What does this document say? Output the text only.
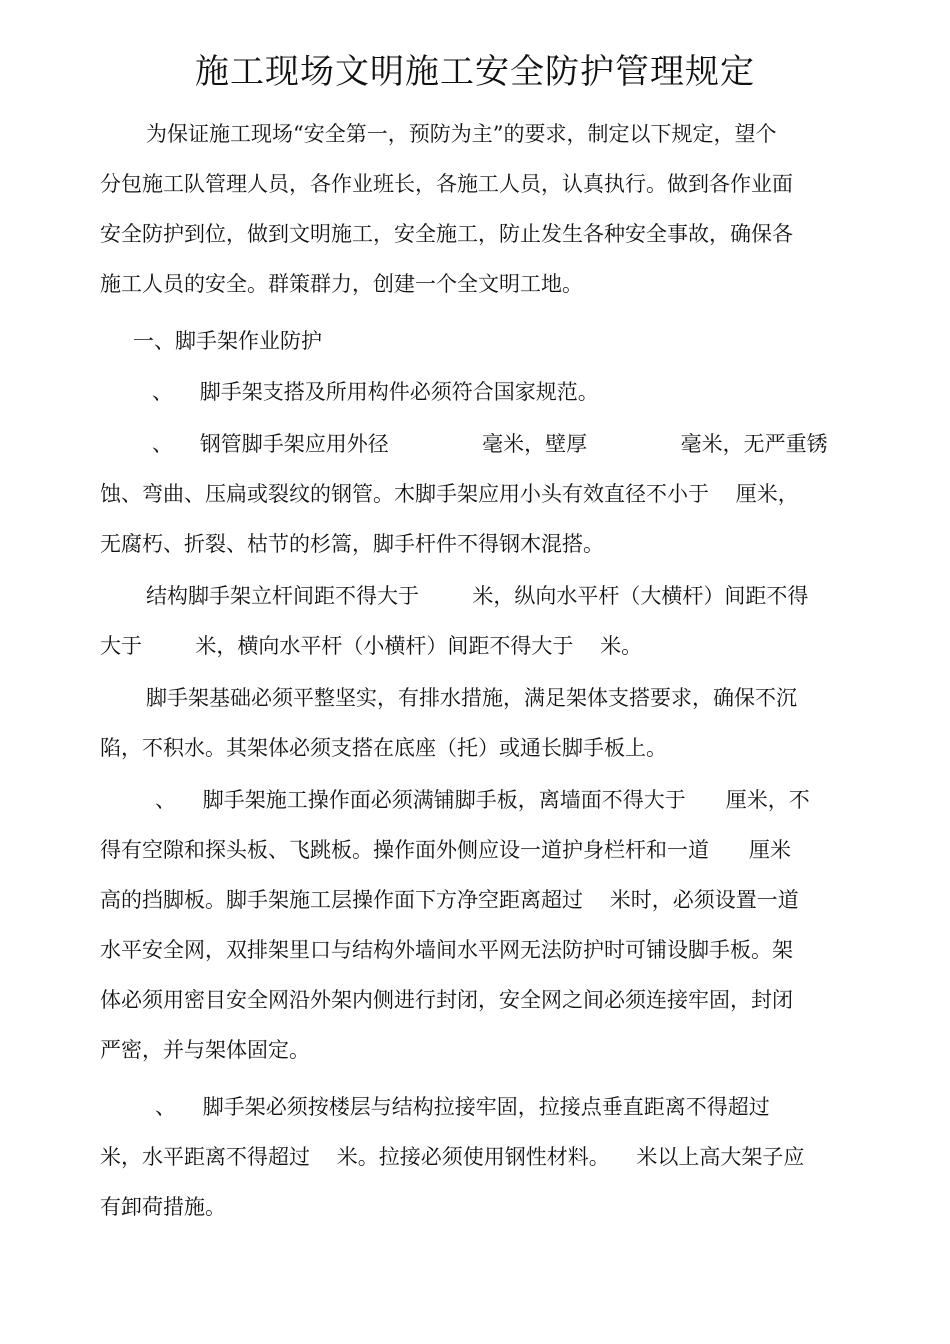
施工现场文明施工安全防护管理规定
为保证施工现场“安全第一，预防为主”的要求，制定以下规定，望个
分包施工队管理人员，各作业班长，各施工人员，认真执行。做到各作业面
安全防护到位，做到文明施工，安全施工，防止发生各种安全事故，确保各
施工人员的安全。群策群力，创建一个全文明工地。
一、脚手架作业防护
、    脚手架支搭及所用构件必须符合国家规范。
、    钢管脚手架应用外径              毫米，壁厚              毫米，无严重锈
蚀、弯曲、压扁或裂纹的钢管。木脚手架应用小头有效直径不小于    厘米，
无腐朽、折裂、枯节的杉篙，脚手杆件不得钢木混搭。
结构脚手架立杆间距不得大于        米，纵向水平杆（大横杆）间距不得
大于        米，横向水平杆（小横杆）间距不得大于    米。
脚手架基础必须平整坚实，有排水措施，满足架体支搭要求，确保不沉
陷，不积水。其架体必须支搭在底座（托）或通长脚手板上。
、    脚手架施工操作面必须满铺脚手板，离墙面不得大于      厘米，不
得有空隙和探头板、飞跳板。操作面外侧应设一道护身栏杆和一道      厘米
高的挡脚板。脚手架施工层操作面下方净空距离超过    米时，必须设置一道
水平安全网，双排架里口与结构外墙间水平网无法防护时可铺设脚手板。架
体必须用密目安全网沿外架内侧进行封闭，安全网之间必须连接牢固，封闭
严密，并与架体固定。
、    脚手架必须按楼层与结构拉接牢固，拉接点垂直距离不得超过
米，水平距离不得超过    米。拉接必须使用钢性材料。    米以上高大架子应
有卸荷措施。
